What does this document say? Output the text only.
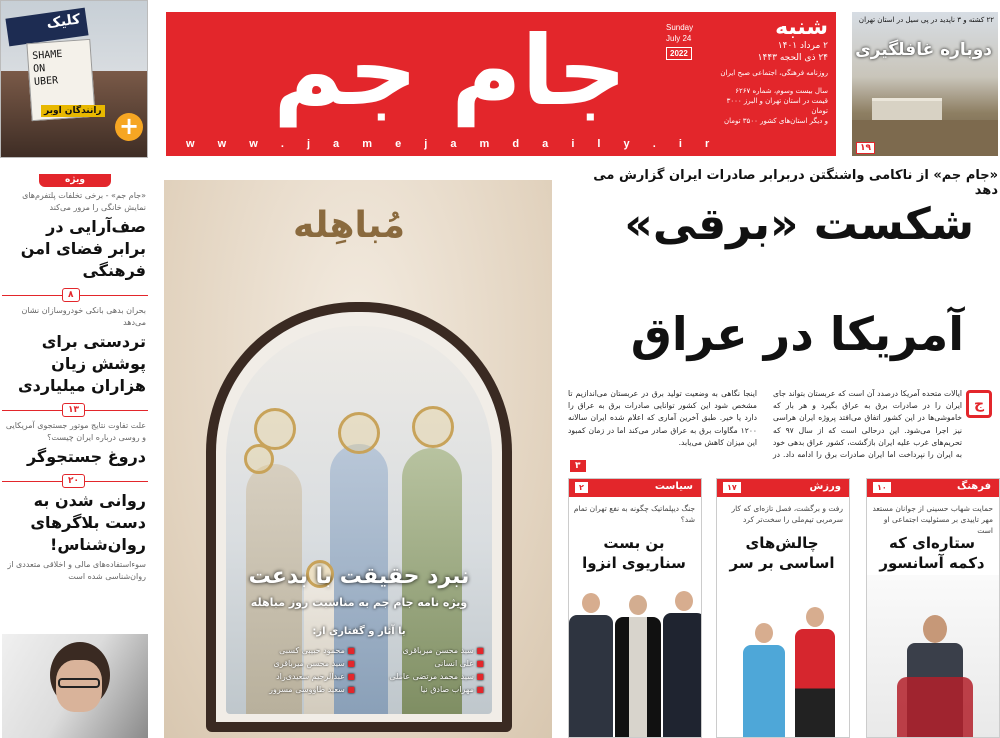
کلیک
SHAME
ON
UBER
رانندگان اوبر
+	جام جم
w w w . j a m e j a m d a i l y . i r
Sunday
July 24
2022
شنبه
۲ مرداد ۱۴۰۱
۲۴ ذی الحجه ۱۴۴۳
روزنامه فرهنگی، اجتماعی صبح ایران
سال بیست وسوم، شماره ۶۲۶۷
قیمت در استان تهران و البرز ۳۰۰۰ تومان
و دیگر استان‌های کشور ۳۵۰۰ تومان
۲۲ کشته و ۳ ناپدید در پی سیل در استان تهران
دوباره غافلگیری
۱۹
ویژه
«جام جم» - برخی تخلفات پلتفرم‌های نمایش خانگی را مرور می‌کند
صف‌آرایی در برابر فضای امن فرهنگی
۸
بحران بدهی بانکی خودروسازان نشان می‌دهد
تردستی برای پوشش زیان هزاران میلیاردی
۱۳
علت تفاوت نتایج موتور جستجوی آمریکایی و روسی درباره ایران چیست؟
دروغ جستجوگر
۲۰
روانی شدن به دست بلاگرهای روان‌شناس!
سوءاستفاده‌های مالی و اخلاقی متعددی از روان‌شناسی شده است
مُباهِله
نبرد حقیقت با بدعت
ویژه نامه جام جم به مناسبت روز مباهله
با آثار و گفتاری از:
■ سید محسن میرباقری
■ علی انسانی
■ سید محمد مرتضی عاملی
■ مهراب صادق نیا
■ محمود حبیبی کسبی
■ سید محسن میرباقری
■ عبدالرحیم سعیدی‌راد
■ سعید طاووسی مسرور
«جام جم» از ناکامی واشنگتن دربرابر صادرات ایران گزارش می دهد
شکست «برقی»
آمریکا در عراق
ج
ایالات متحده آمریکا درصدد آن است که عربستان بتواند جای ایران را در صادرات برق به عراق بگیرد و هر بار که خاموشی‌ها در این کشور اتفاق می‌افتد پروژه ایران هراسی نیز اجرا می‌شود. این درحالی است که از سال ۹۷ که تحریم‌های غرب علیه ایران بازگشت، کشور عراق بدهی خود به ایران را نپرداخت اما ایران صادرات برق را ادامه داد. در اینجا نگاهی به وضعیت تولید برق در عربستان می‌اندازیم تا مشخص شود این کشور توانایی صادرات برق به عراق را دارد یا خیر. طبق آخرین آماری که اعلام شده ایران سالانه ۱۲۰۰ مگاوات برق به عراق صادر می‌کند اما در زمان کمبود این میزان کاهش می‌یابد.
۳
فرهنگ
۱۰
حمایت شهاب حسینی از جوانان مستعد مهر تاییدی بر مسئولیت اجتماعی او است
ستاره‌ای که دکمه آسانسور
ورزش
۱۷
رفت و برگشت، فصل تازه‌ای که کار سرمربی تیم‌ملی را سخت‌تر کرد
چالش‌های اساسی بر سر
سیاست
۲
جنگ دیپلماتیک چگونه به نفع تهران تمام شد؟
بن بست سناریوی انزوا
